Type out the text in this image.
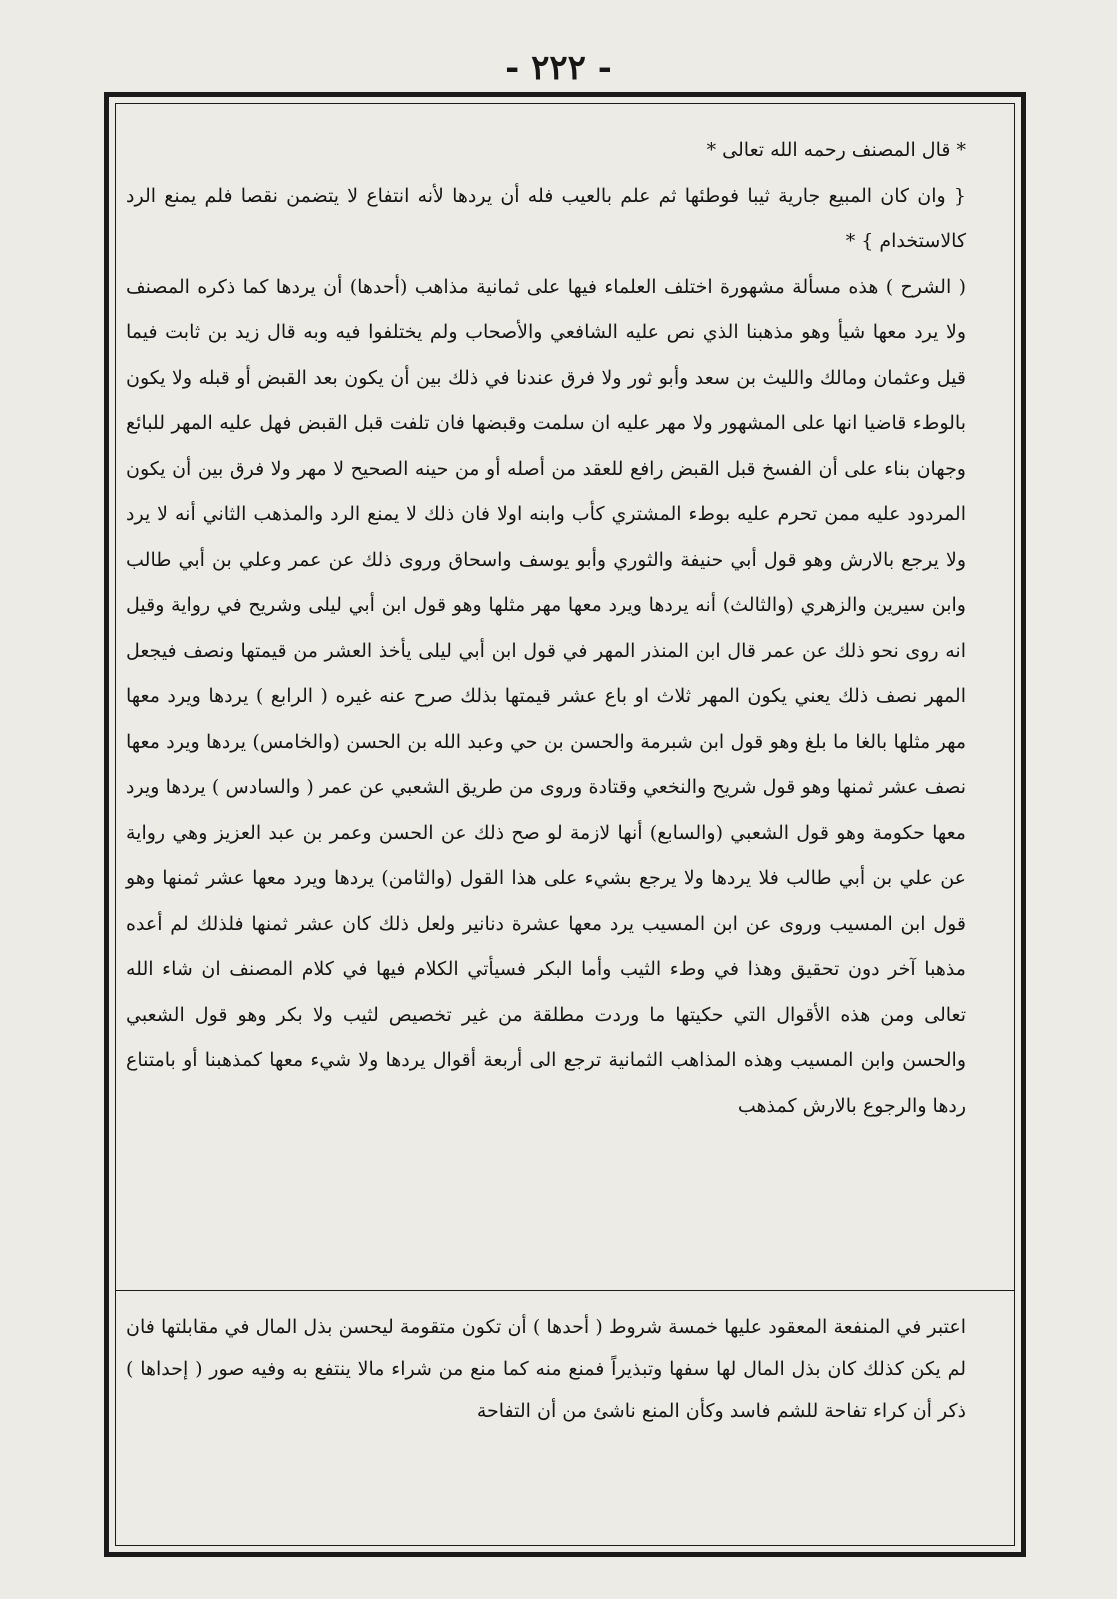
- ٢٢٢ -

* قال المصنف رحمه الله تعالى *

{ وان كان المبيع جارية ثيبا فوطئها ثم علم بالعيب فله أن يردها لأنه انتفاع لا يتضمن نقصا فلم يمنع الرد كالاستخدام } *

( الشرح ) هذه مسألة مشهورة اختلف العلماء فيها على ثمانية مذاهب (أحدها) أن يردها كما ذكره المصنف ولا يرد معها شيأ وهو مذهبنا الذي نص عليه الشافعي والأصحاب ولم يختلفوا فيه وبه قال زيد بن ثابت فيما قيل وعثمان ومالك والليث بن سعد وأبو ثور ولا فرق عندنا في ذلك بين أن يكون بعد القبض أو قبله ولا يكون بالوطء قاضيا انها على المشهور ولا مهر عليه ان سلمت وقبضها فان تلفت قبل القبض فهل عليه المهر للبائع وجهان بناء على أن الفسخ قبل القبض رافع للعقد من أصله أو من حينه الصحيح لا مهر ولا فرق بين أن يكون المردود عليه ممن تحرم عليه بوطء المشتري كأب وابنه اولا فان ذلك لا يمنع الرد والمذهب الثاني أنه لا يرد ولا يرجع بالارش وهو قول أبي حنيفة والثوري وأبو يوسف واسحاق وروى ذلك عن عمر وعلي بن أبي طالب وابن سيرين والزهري (والثالث) أنه يردها ويرد معها مهر مثلها وهو قول ابن أبي ليلى وشريح في رواية وقيل انه روى نحو ذلك عن عمر قال ابن المنذر المهر في قول ابن أبي ليلى يأخذ العشر من قيمتها ونصف فيجعل المهر نصف ذلك يعني يكون المهر ثلاث او باع عشر قيمتها بذلك صرح عنه غيره ( الرابع ) يردها ويرد معها مهر مثلها بالغا ما بلغ وهو قول ابن شبرمة والحسن بن حي وعبد الله بن الحسن (والخامس) يردها ويرد معها نصف عشر ثمنها وهو قول شريح والنخعي وقتادة وروى من طريق الشعبي عن عمر ( والسادس ) يردها ويرد معها حكومة وهو قول الشعبي (والسابع) أنها لازمة لو صح ذلك عن الحسن وعمر بن عبد العزيز وهي رواية عن علي بن أبي طالب فلا يردها ولا يرجع بشيء على هذا القول (والثامن) يردها ويرد معها عشر ثمنها وهو قول ابن المسيب وروى عن ابن المسيب يرد معها عشرة دنانير ولعل ذلك كان عشر ثمنها فلذلك لم أعده مذهبا آخر دون تحقيق وهذا في وطء الثيب وأما البكر فسيأتي الكلام فيها في كلام المصنف ان شاء الله تعالى ومن هذه الأقوال التي حكيتها ما وردت مطلقة من غير تخصيص لثيب ولا بكر وهو قول الشعبي والحسن وابن المسيب وهذه المذاهب الثمانية ترجع الى أربعة أقوال يردها ولا شيء معها كمذهبنا أو بامتناع ردها والرجوع بالارش كمذهب

اعتبر في المنفعة المعقود عليها خمسة شروط ( أحدها ) أن تكون متقومة ليحسن بذل المال في مقابلتها فان لم يكن كذلك كان بذل المال لها سفها وتبذيراً فمنع منه كما منع من شراء مالا ينتفع به وفيه صور ( إحداها ) ذكر أن كراء تفاحة للشم فاسد وكأن المنع ناشئ من أن التفاحة
